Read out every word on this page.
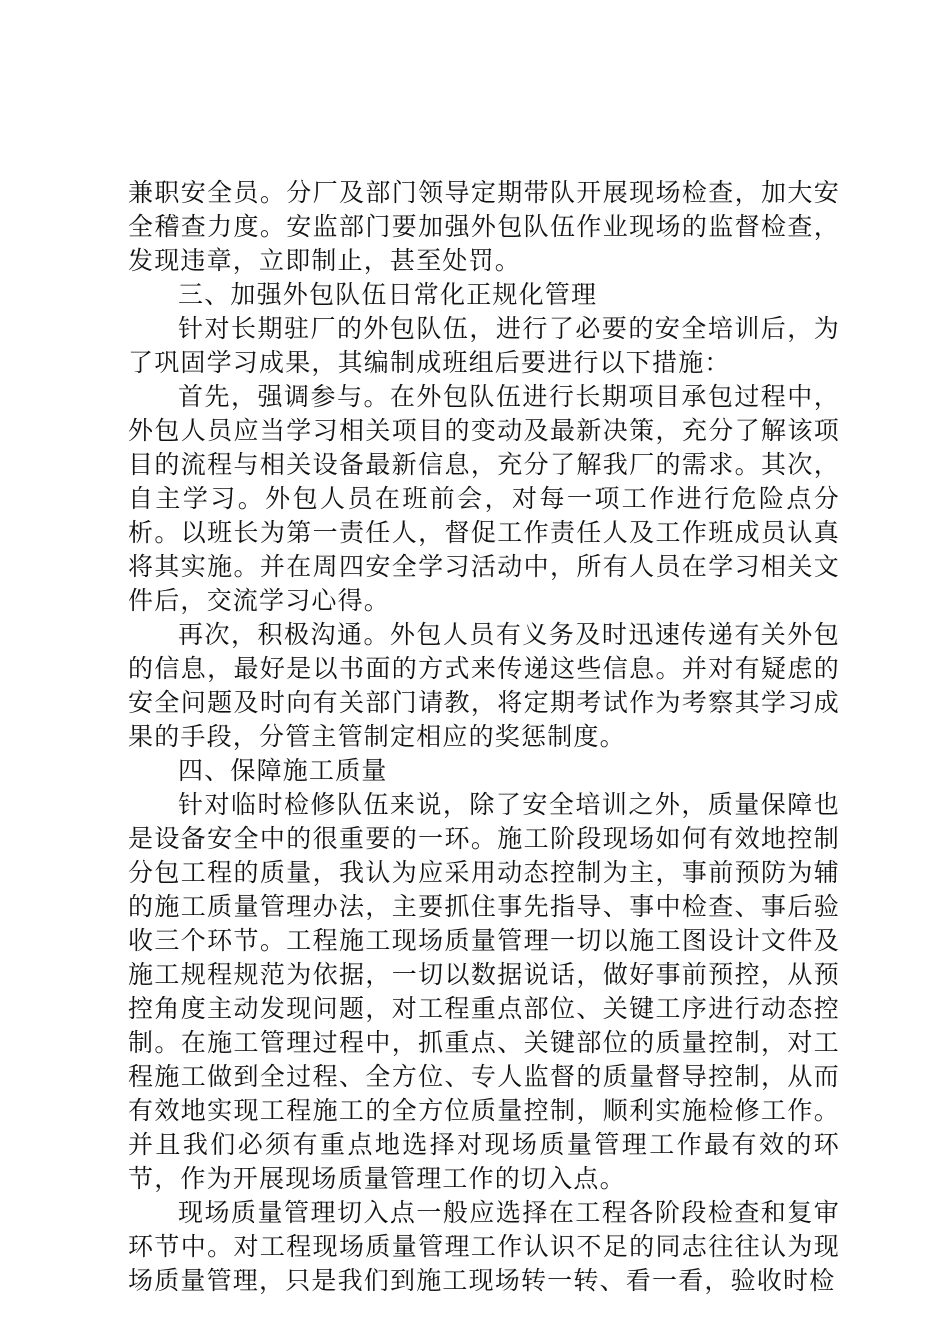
兼职安全员。分厂及部门领导定期带队开展现场检查，加大安全稽查力度。安监部门要加强外包队伍作业现场的监督检查，发现违章，立即制止，甚至处罚。

三、加强外包队伍日常化正规化管理

针对长期驻厂的外包队伍，进行了必要的安全培训后，为了巩固学习成果，其编制成班组后要进行以下措施：

首先，强调参与。在外包队伍进行长期项目承包过程中，外包人员应当学习相关项目的变动及最新决策，充分了解该项目的流程与相关设备最新信息，充分了解我厂的需求。其次，自主学习。外包人员在班前会，对每一项工作进行危险点分析。以班长为第一责任人，督促工作责任人及工作班成员认真将其实施。并在周四安全学习活动中，所有人员在学习相关文件后，交流学习心得。

再次，积极沟通。外包人员有义务及时迅速传递有关外包的信息，最好是以书面的方式来传递这些信息。并对有疑虑的安全问题及时向有关部门请教，将定期考试作为考察其学习成果的手段，分管主管制定相应的奖惩制度。

四、保障施工质量

针对临时检修队伍来说，除了安全培训之外，质量保障也是设备安全中的很重要的一环。施工阶段现场如何有效地控制分包工程的质量，我认为应采用动态控制为主，事前预防为辅的施工质量管理办法，主要抓住事先指导、事中检查、事后验收三个环节。工程施工现场质量管理一切以施工图设计文件及施工规程规范为依据，一切以数据说话，做好事前预控，从预控角度主动发现问题，对工程重点部位、关键工序进行动态控制。在施工管理过程中，抓重点、关键部位的质量控制，对工程施工做到全过程、全方位、专人监督的质量督导控制，从而有效地实现工程施工的全方位质量控制，顺利实施检修工作。并且我们必须有重点地选择对现场质量管理工作最有效的环节，作为开展现场质量管理工作的切入点。

现场质量管理切入点一般应选择在工程各阶段检查和复审环节中。对工程现场质量管理工作认识不足的同志往往认为现场质量管理，只是我们到施工现场转一转、看一看，验收时检
